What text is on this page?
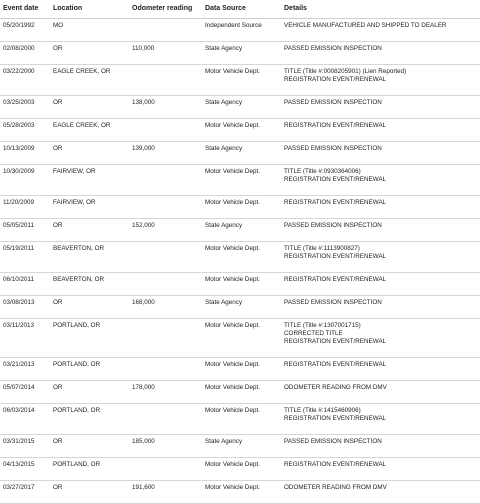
Event date	Location	Odometer reading	Data Source	Details
05/20/1992	MO		Independent Source	VEHICLE MANUFACTURED AND SHIPPED TO DEALER

02/08/2000	OR	110,000	State Agency	PASSED EMISSION INSPECTION

03/22/2000	EAGLE CREEK, OR		Motor Vehicle Dept.	TITLE (Title #:0008205901) (Lien Reported)
REGISTRATION EVENT/RENEWAL

03/25/2003	OR	138,000	State Agency	PASSED EMISSION INSPECTION

05/28/2003	EAGLE CREEK, OR		Motor Vehicle Dept.	REGISTRATION EVENT/RENEWAL

10/13/2009	OR	139,000	State Agency	PASSED EMISSION INSPECTION

10/30/2009	FAIRVIEW, OR		Motor Vehicle Dept.	TITLE (Title #:0930364006)
REGISTRATION EVENT/RENEWAL

11/20/2009	FAIRVIEW, OR		Motor Vehicle Dept.	REGISTRATION EVENT/RENEWAL

05/05/2011	OR	152,000	State Agency	PASSED EMISSION INSPECTION

05/19/2011	BEAVERTON, OR		Motor Vehicle Dept.	TITLE (Title #:1113900827)
REGISTRATION EVENT/RENEWAL

06/10/2011	BEAVERTON, OR		Motor Vehicle Dept.	REGISTRATION EVENT/RENEWAL

03/08/2013	OR	168,000	State Agency	PASSED EMISSION INSPECTION

03/11/2013	PORTLAND, OR		Motor Vehicle Dept.	TITLE (Title #:1307001715)
CORRECTED TITLE
REGISTRATION EVENT/RENEWAL

03/21/2013	PORTLAND, OR		Motor Vehicle Dept.	REGISTRATION EVENT/RENEWAL

05/07/2014	OR	178,000	Motor Vehicle Dept.	ODOMETER READING FROM DMV

06/03/2014	PORTLAND, OR		Motor Vehicle Dept.	TITLE (Title #:1415460906)
REGISTRATION EVENT/RENEWAL

03/31/2015	OR	185,000	State Agency	PASSED EMISSION INSPECTION

04/13/2015	PORTLAND, OR		Motor Vehicle Dept.	REGISTRATION EVENT/RENEWAL

03/27/2017	OR	191,600	Motor Vehicle Dept.	ODOMETER READING FROM DMV
